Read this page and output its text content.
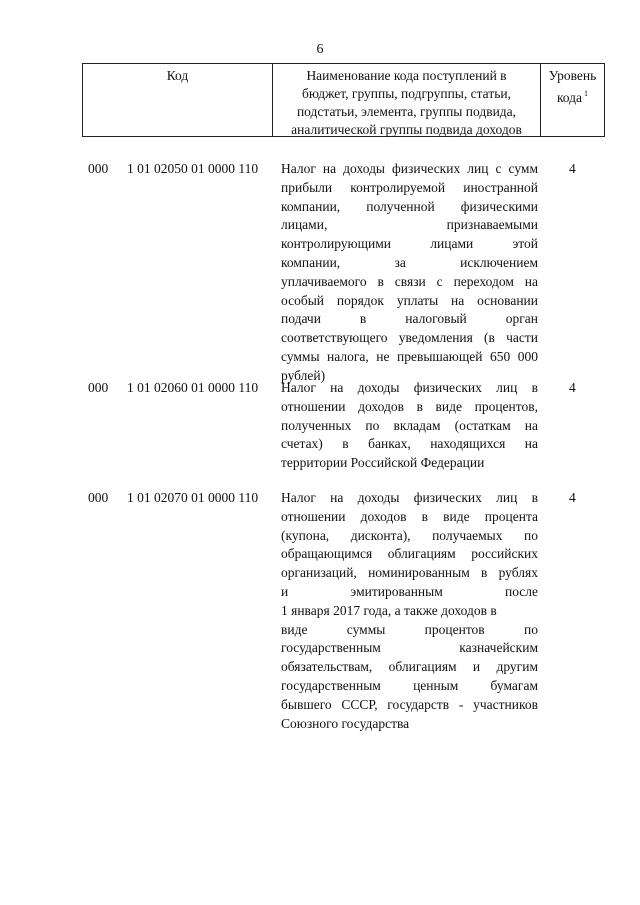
6
Код	Наименование кода поступлений в
бюджет, группы, подгруппы, статьи,
подстатьи, элемента, группы подвида,
аналитической группы подвида доходов
Уровень
кода $^1$
000 1 01 02050 01 0000 110 Налог на доходы физических лиц с сумм
прибыли контролируемой иностранной
компании, полученной физическими
лицами, признаваемыми
контролирующими лицами этой
компании, за исключением
уплачиваемого в связи с переходом на
особый порядок уплаты на основании
подачи в налоговый орган
соответствующего уведомления (в части
суммы налога, не превышающей 650 000
рублей)
4
000 1 01 02060 01 0000 110 Налог на доходы физических лиц в
отношении доходов в виде процентов,
полученных по вкладам (остаткам на
счетах) в банках, находящихся на
территории Российской Федерации
4
000 1 01 02070 01 0000 110 Налог на доходы физических лиц в
отношении доходов в виде процента
(купона, дисконта), получаемых по
обращающимся облигациям российских
организаций, номинированным в рублях
и эмитированным после
1 января 2017 года, а также доходов в
виде суммы процентов по
государственным казначейским
обязательствам, облигациям и другим
государственным ценным бумагам
бывшего СССР, государств - участников
Союзного государства
4
